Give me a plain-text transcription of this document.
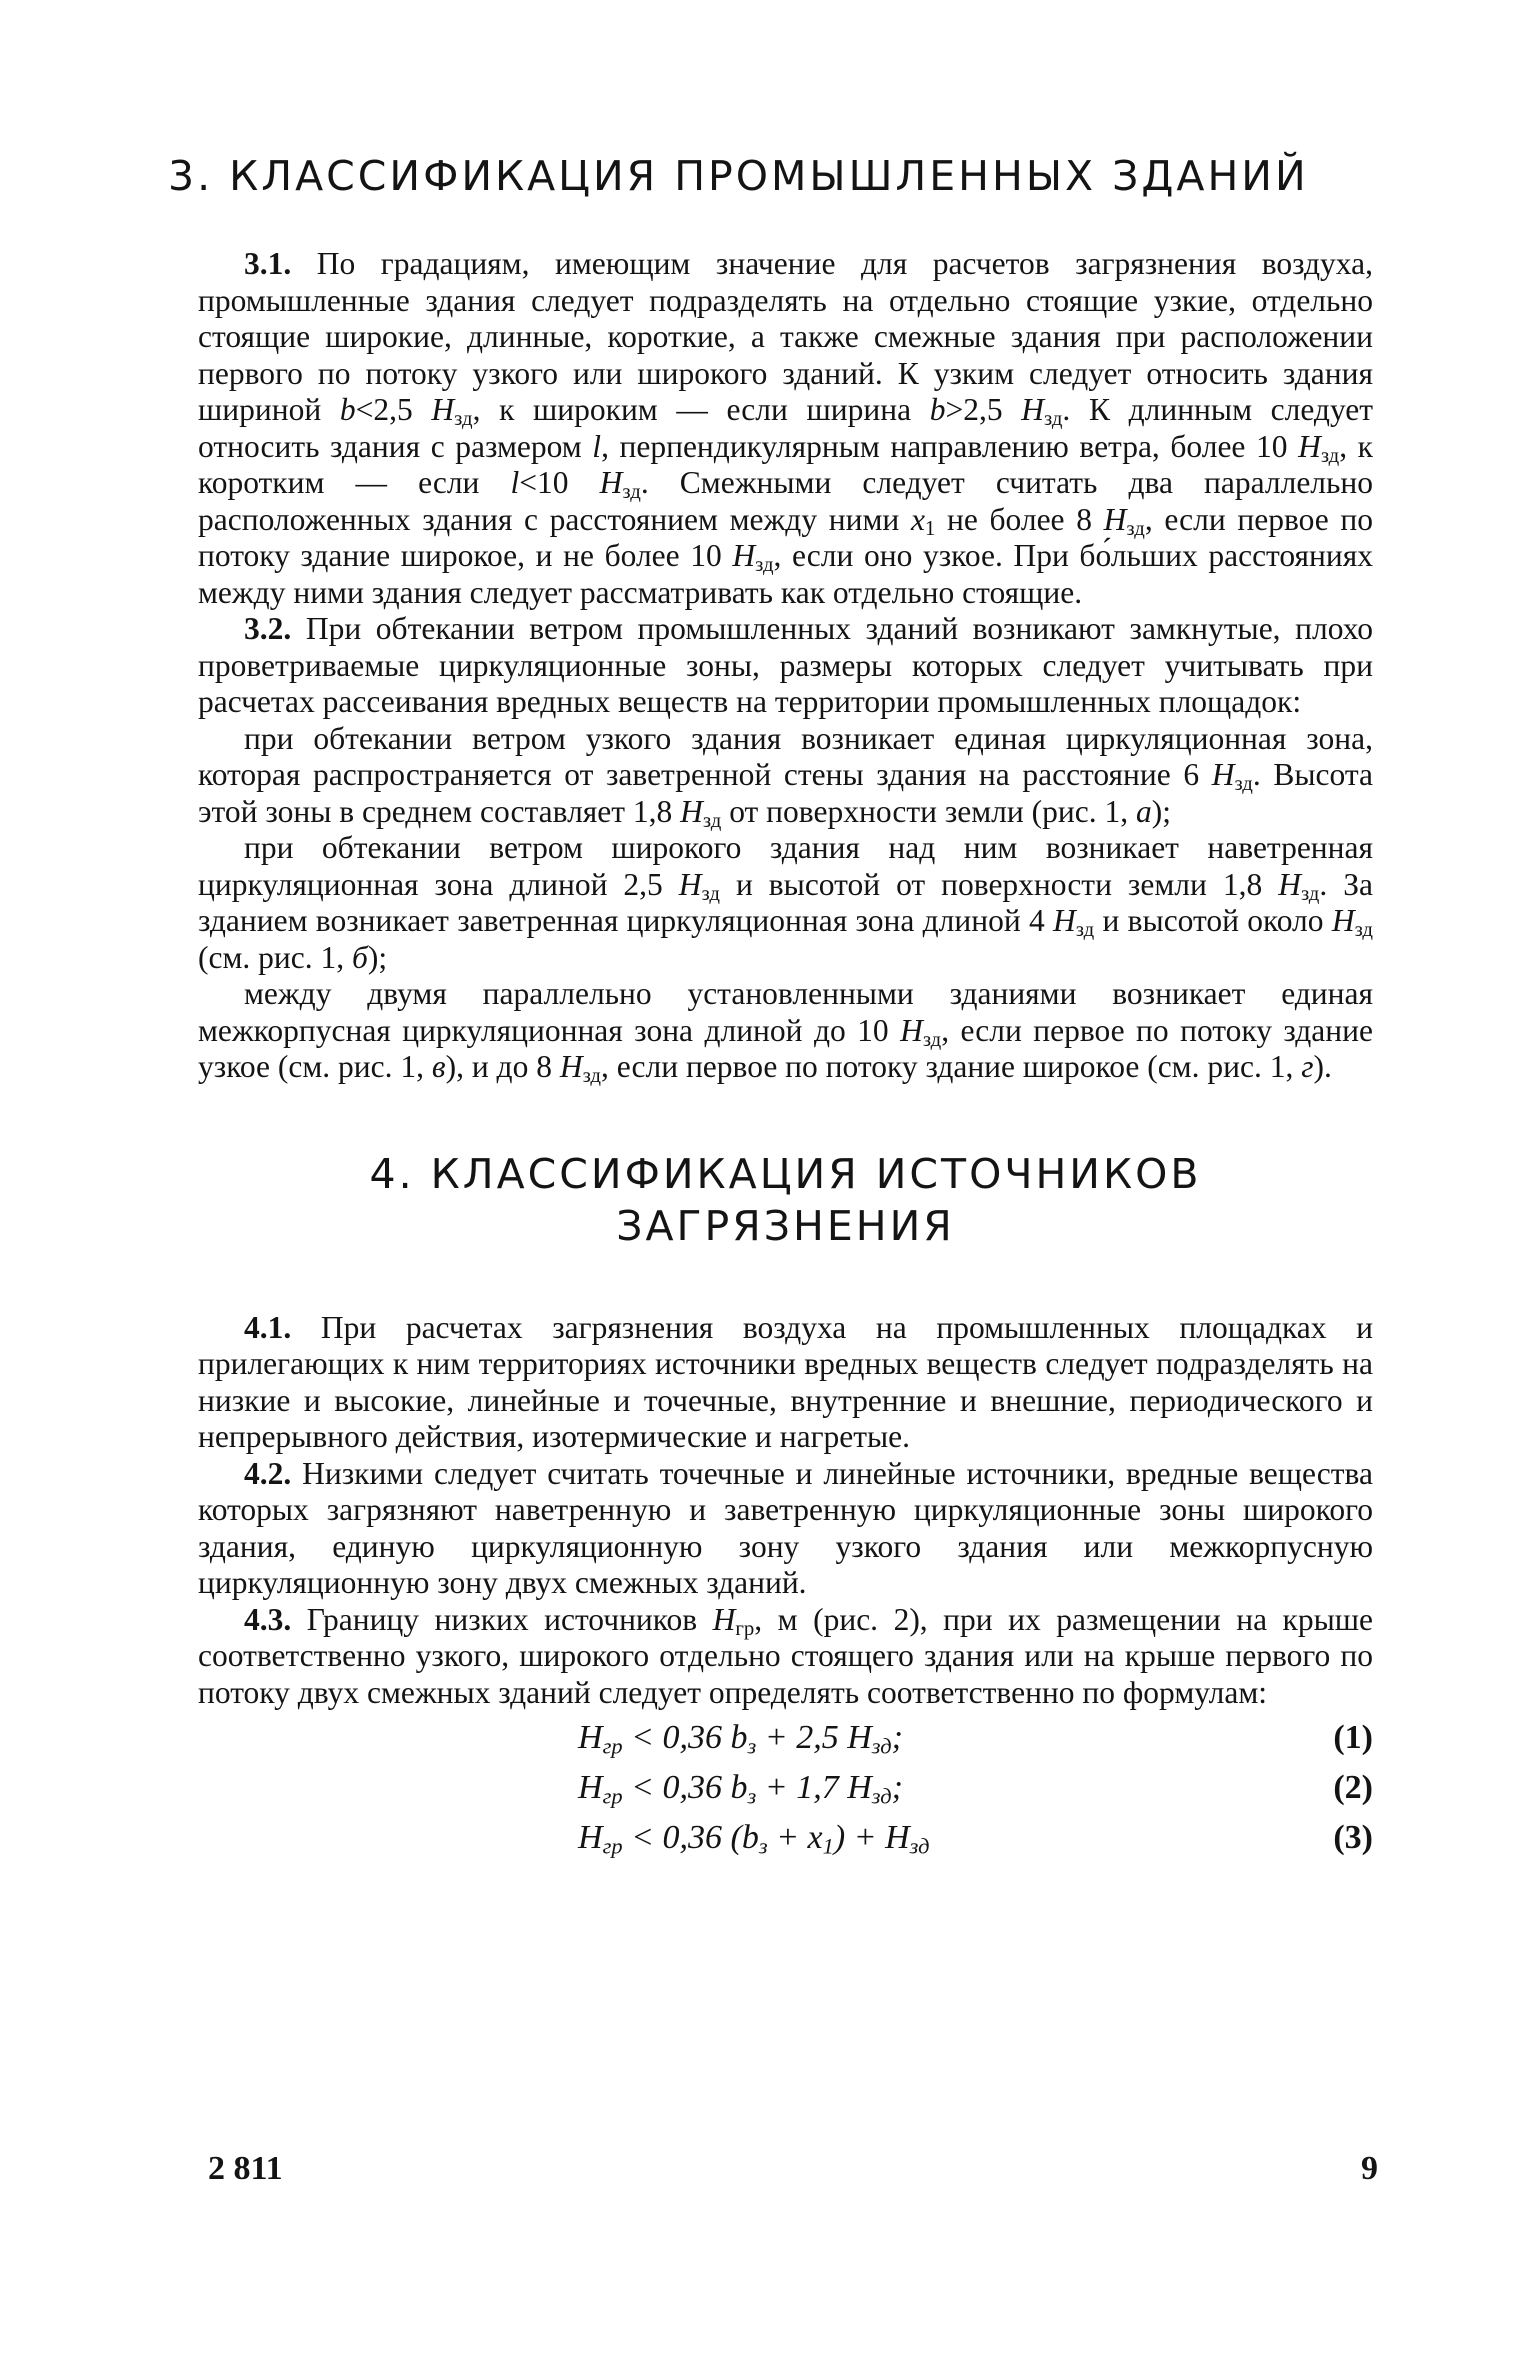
3. КЛАССИФИКАЦИЯ ПРОМЫШЛЕННЫХ ЗДАНИЙ

3.1. По градациям, имеющим значение для расчетов загрязнения воздуха, промышленные здания следует подразделять на отдельно стоящие узкие, отдельно стоящие широкие, длинные, короткие, а также смежные здания при расположении первого по потоку узкого или широкого зданий. К узким следует относить здания шириной b<2,5 $H_{зд}$, к широким — если ширина b>2,5 $H_{зд}$. К длинным следует относить здания с размером l, перпендикулярным направлению ветра, более 10 $H_{зд}$, к коротким — если l<10 $H_{зд}$. Смежными следует считать два параллельно расположенных здания с расстоянием между ними $x_1$ не более 8 $H_{зд}$, если первое по потоку здание широкое, и не более 10 $H_{зд}$, если оно узкое. При бо́льших расстояниях между ними здания следует рассматривать как отдельно стоящие.

3.2. При обтекании ветром промышленных зданий возникают замкнутые, плохо проветриваемые циркуляционные зоны, размеры которых следует учитывать при расчетах рассеивания вредных веществ на территории промышленных площадок:

при обтекании ветром узкого здания возникает единая циркуляционная зона, которая распространяется от заветренной стены здания на расстояние 6 $H_{зд}$. Высота этой зоны в среднем составляет 1,8 $H_{зд}$ от поверхности земли (рис. 1, а);

при обтекании ветром широкого здания над ним возникает наветренная циркуляционная зона длиной 2,5 $H_{зд}$ и высотой от поверхности земли 1,8 $H_{зд}$. За зданием возникает заветренная циркуляционная зона длиной 4 $H_{зд}$ и высотой около $H_{зд}$ (см. рис. 1, б);

между двумя параллельно установленными зданиями возникает единая межкорпусная циркуляционная зона длиной до 10 $H_{зд}$, если первое по потоку здание узкое (см. рис. 1, в), и до 8 $H_{зд}$, если первое по потоку здание широкое (см. рис. 1, г).

4. КЛАССИФИКАЦИЯ ИСТОЧНИКОВ
ЗАГРЯЗНЕНИЯ

4.1. При расчетах загрязнения воздуха на промышленных площадках и прилегающих к ним территориях источники вредных веществ следует подразделять на низкие и высокие, линейные и точечные, внутренние и внешние, периодического и непрерывного действия, изотермические и нагретые.

4.2. Низкими следует считать точечные и линейные источники, вредные вещества которых загрязняют наветренную и заветренную циркуляционные зоны широкого здания, единую циркуляционную зону узкого здания или межкорпусную циркуляционную зону двух смежных зданий.

4.3. Границу низких источников $H_{гр}$, м (рис. 2), при их размещении на крыше соответственно узкого, широкого отдельно стоящего здания или на крыше первого по потоку двух смежных зданий следует определять соответственно по формулам:

$H_{гр} < 0,36$ $b_з + 2,5$ $H_{зд}$;	(1)
$H_{гр} < 0,36$ $b_з + 1,7$ $H_{зд}$;	(2)
$H_{гр} < 0,36$ $(b_з + x_1) + H_{зд}$	(3)
2 811	9
